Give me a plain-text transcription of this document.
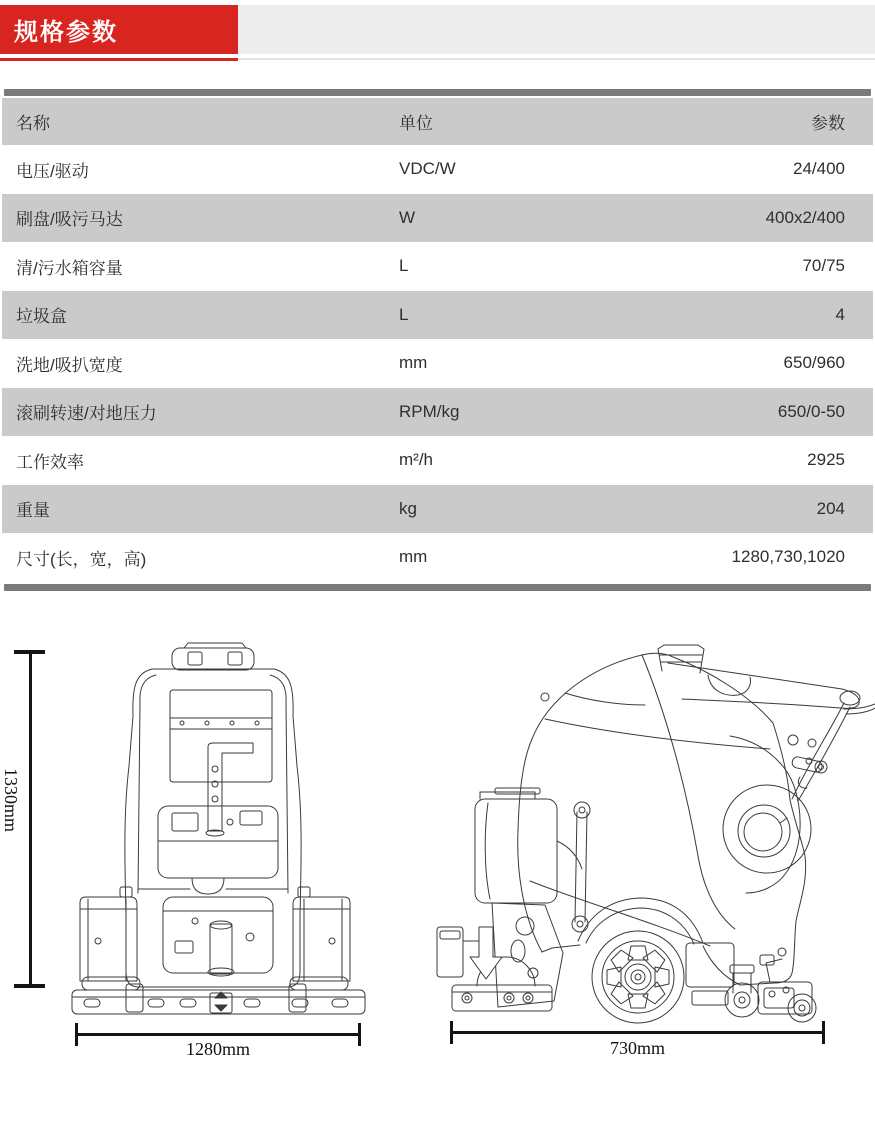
规格参数
名称	单位	参数
电压/驱动	VDC/W	24/400
刷盘/吸污马达	W	400x2/400
清/污水箱容量	L	70/75
垃圾盒	L	4
洗地/吸扒宽度	mm	650/960
滚刷转速/对地压力	RPM/kg	650/0-50
工作效率	m²/h	2925
重量	kg	204
尺寸(长，宽，高)	mm	1280,730,1020
1330mm
1280mm	730mm
